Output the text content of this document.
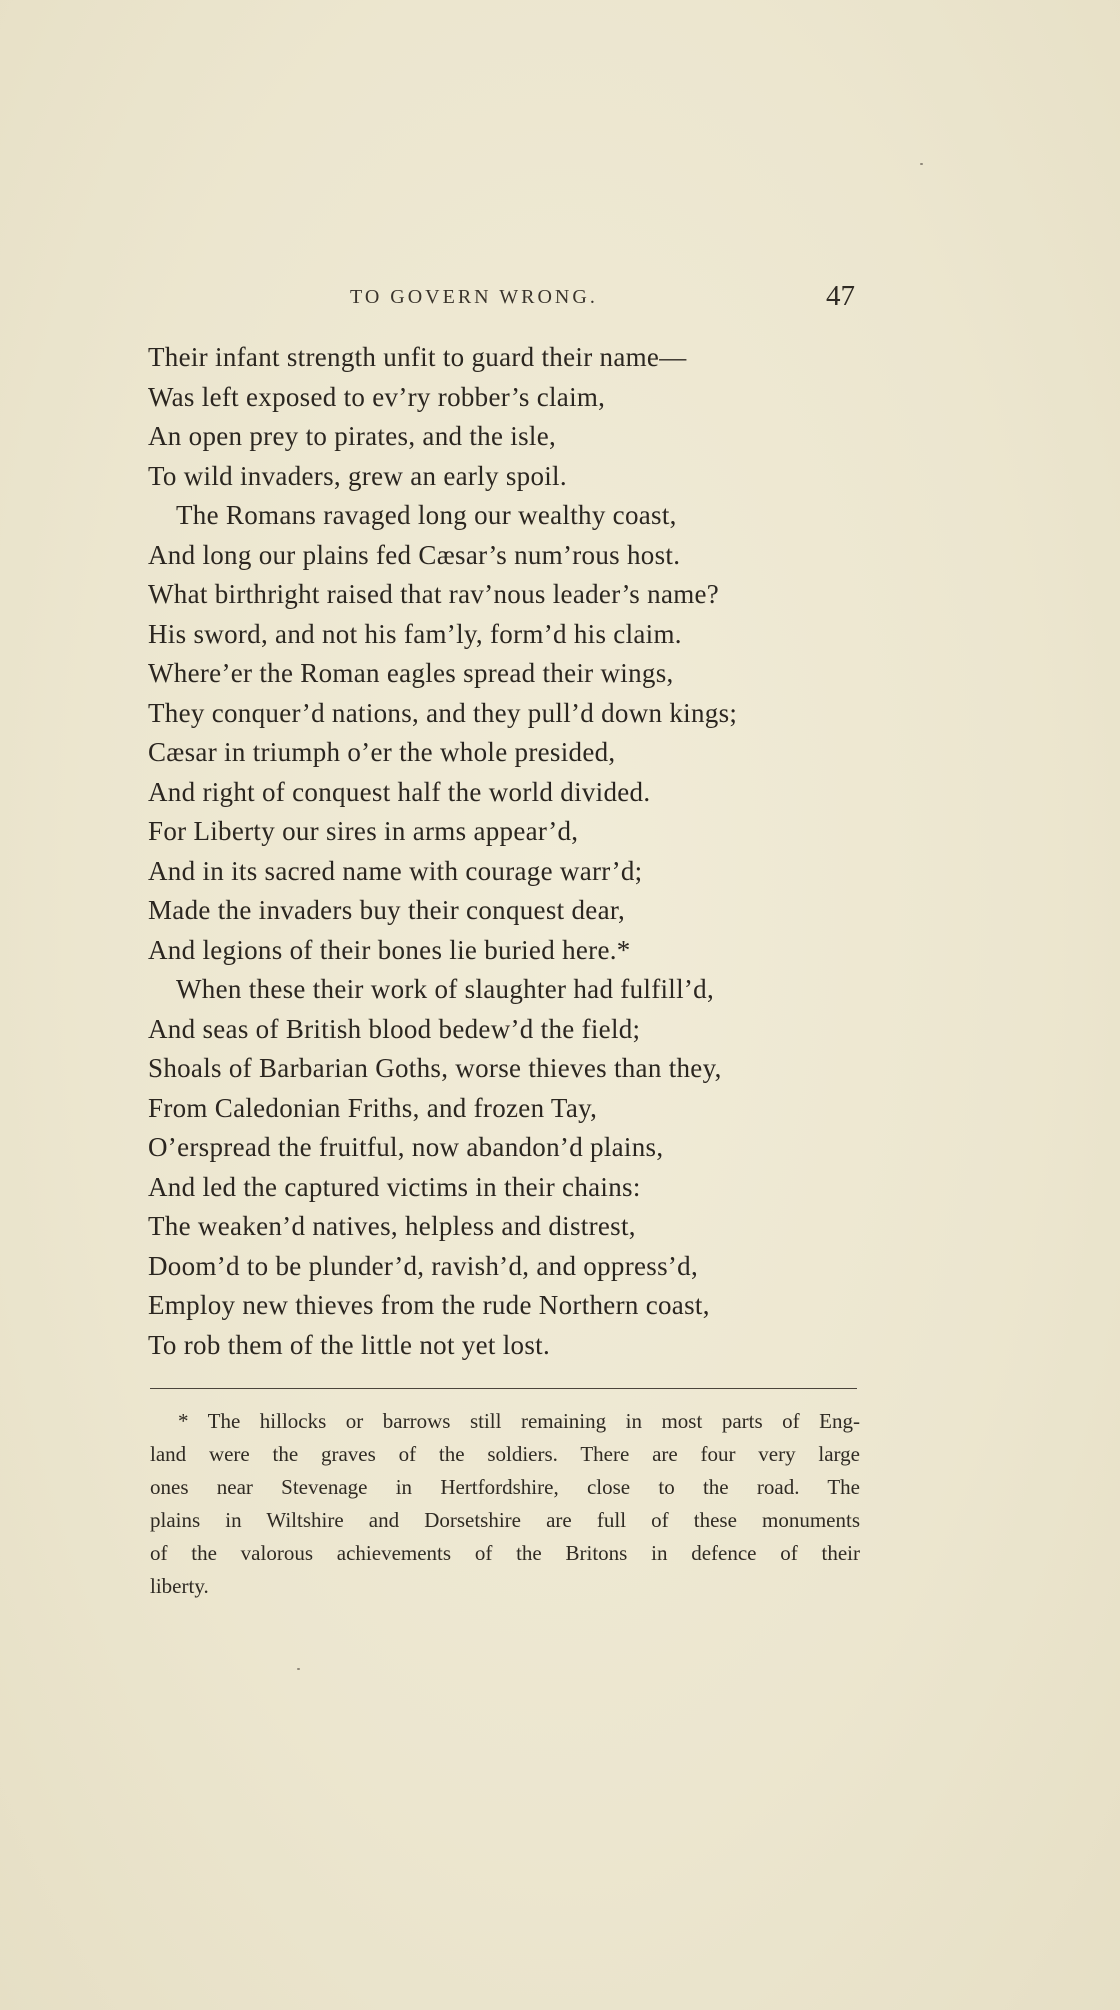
TO GOVERN WRONG.	47
Their infant strength unfit to guard their name—
Was left exposed to ev’ry robber’s claim,
An open prey to pirates, and the isle,
To wild invaders, grew an early spoil.
The Romans ravaged long our wealthy coast,
And long our plains fed Cæsar’s num’rous host.
What birthright raised that rav’nous leader’s name?
His sword, and not his fam’ly, form’d his claim.
Where’er the Roman eagles spread their wings,
They conquer’d nations, and they pull’d down kings;
Cæsar in triumph o’er the whole presided,
And right of conquest half the world divided.
For Liberty our sires in arms appear’d,
And in its sacred name with courage warr’d;
Made the invaders buy their conquest dear,
And legions of their bones lie buried here.*
When these their work of slaughter had fulfill’d,
And seas of British blood bedew’d the field;
Shoals of Barbarian Goths, worse thieves than they,
From Caledonian Friths, and frozen Tay,
O’erspread the fruitful, now abandon’d plains,
And led the captured victims in their chains:
The weaken’d natives, helpless and distrest,
Doom’d to be plunder’d, ravish’d, and oppress’d,
Employ new thieves from the rude Northern coast,
To rob them of the little not yet lost.
* The hillocks or barrows still remaining in most parts of Eng-
land were the graves of the soldiers. There are four very large
ones near Stevenage in Hertfordshire, close to the road. The
plains in Wiltshire and Dorsetshire are full of these monuments
of the valorous achievements of the Britons in defence of their
liberty.
